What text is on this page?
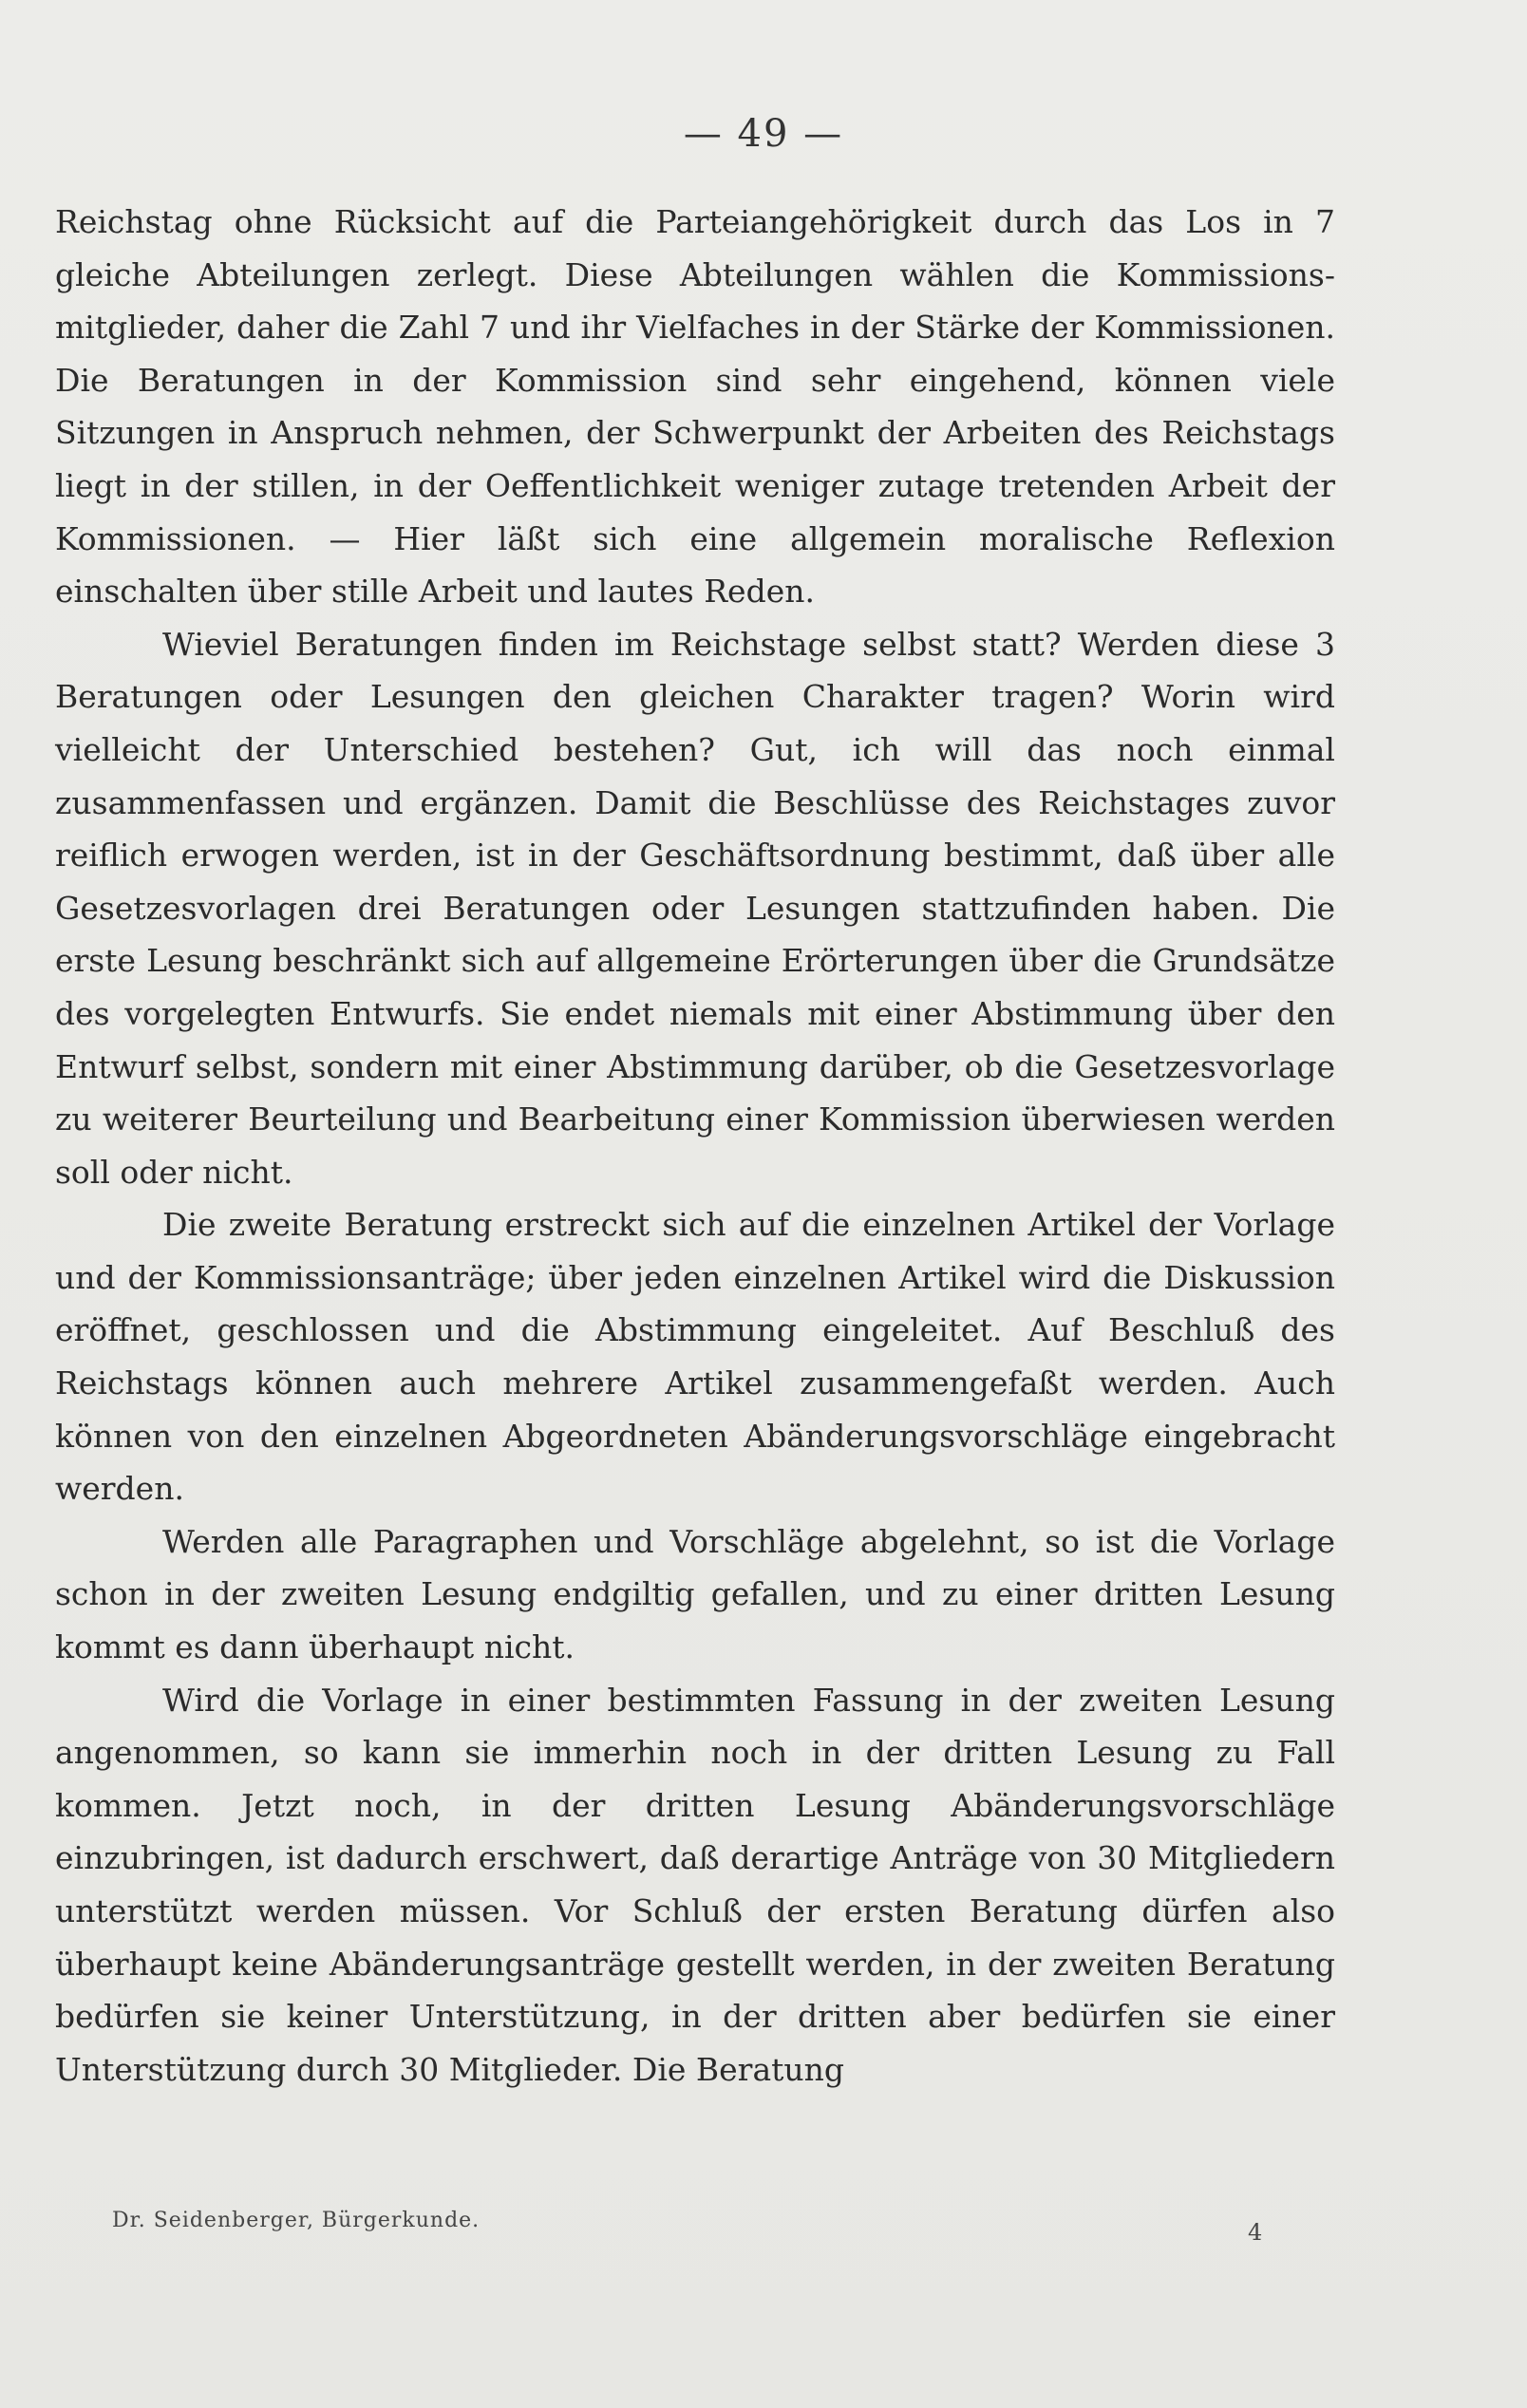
— 49 —

Reichstag ohne Rücksicht auf die Parteiangehörigkeit durch das Los in 7 gleiche Abteilungen zerlegt. Diese Abteilungen wählen die Kommissionsmitglieder, daher die Zahl 7 und ihr Vielfaches in der Stärke der Kommissionen. Die Beratungen in der Kommission sind sehr eingehend, können viele Sitzungen in Anspruch nehmen, der Schwerpunkt der Arbeiten des Reichstags liegt in der stillen, in der Oeffentlichkeit weniger zutage tretenden Arbeit der Kommissionen. — Hier läßt sich eine allgemein moralische Reflexion einschalten über stille Arbeit und lautes Reden.

Wieviel Beratungen finden im Reichstage selbst statt? Werden diese 3 Beratungen oder Lesungen den gleichen Charakter tragen? Worin wird vielleicht der Unterschied bestehen? Gut, ich will das noch einmal zusammenfassen und ergänzen. Damit die Beschlüsse des Reichstages zuvor reiflich erwogen werden, ist in der Geschäftsordnung bestimmt, daß über alle Gesetzesvorlagen drei Beratungen oder Lesungen stattzufinden haben. Die erste Lesung beschränkt sich auf allgemeine Erörterungen über die Grundsätze des vorgelegten Entwurfs. Sie endet niemals mit einer Abstimmung über den Entwurf selbst, sondern mit einer Abstimmung darüber, ob die Gesetzesvorlage zu weiterer Beurteilung und Bearbeitung einer Kommission überwiesen werden soll oder nicht.

Die zweite Beratung erstreckt sich auf die einzelnen Artikel der Vorlage und der Kommissionsanträge; über jeden einzelnen Artikel wird die Diskussion eröffnet, geschlossen und die Abstimmung eingeleitet. Auf Beschluß des Reichstags können auch mehrere Artikel zusammengefaßt werden. Auch können von den einzelnen Abgeordneten Abänderungsvorschläge eingebracht werden.

Werden alle Paragraphen und Vorschläge abgelehnt, so ist die Vorlage schon in der zweiten Lesung endgiltig gefallen, und zu einer dritten Lesung kommt es dann überhaupt nicht.

Wird die Vorlage in einer bestimmten Fassung in der zweiten Lesung angenommen, so kann sie immerhin noch in der dritten Lesung zu Fall kommen. Jetzt noch, in der dritten Lesung Abänderungsvorschläge einzubringen, ist dadurch erschwert, daß derartige Anträge von 30 Mitgliedern unterstützt werden müssen. Vor Schluß der ersten Beratung dürfen also überhaupt keine Abänderungsanträge gestellt werden, in der zweiten Beratung bedürfen sie keiner Unterstützung, in der dritten aber bedürfen sie einer Unterstützung durch 30 Mitglieder. Die Beratung

Dr. Seidenberger, Bürgerkunde.	4
